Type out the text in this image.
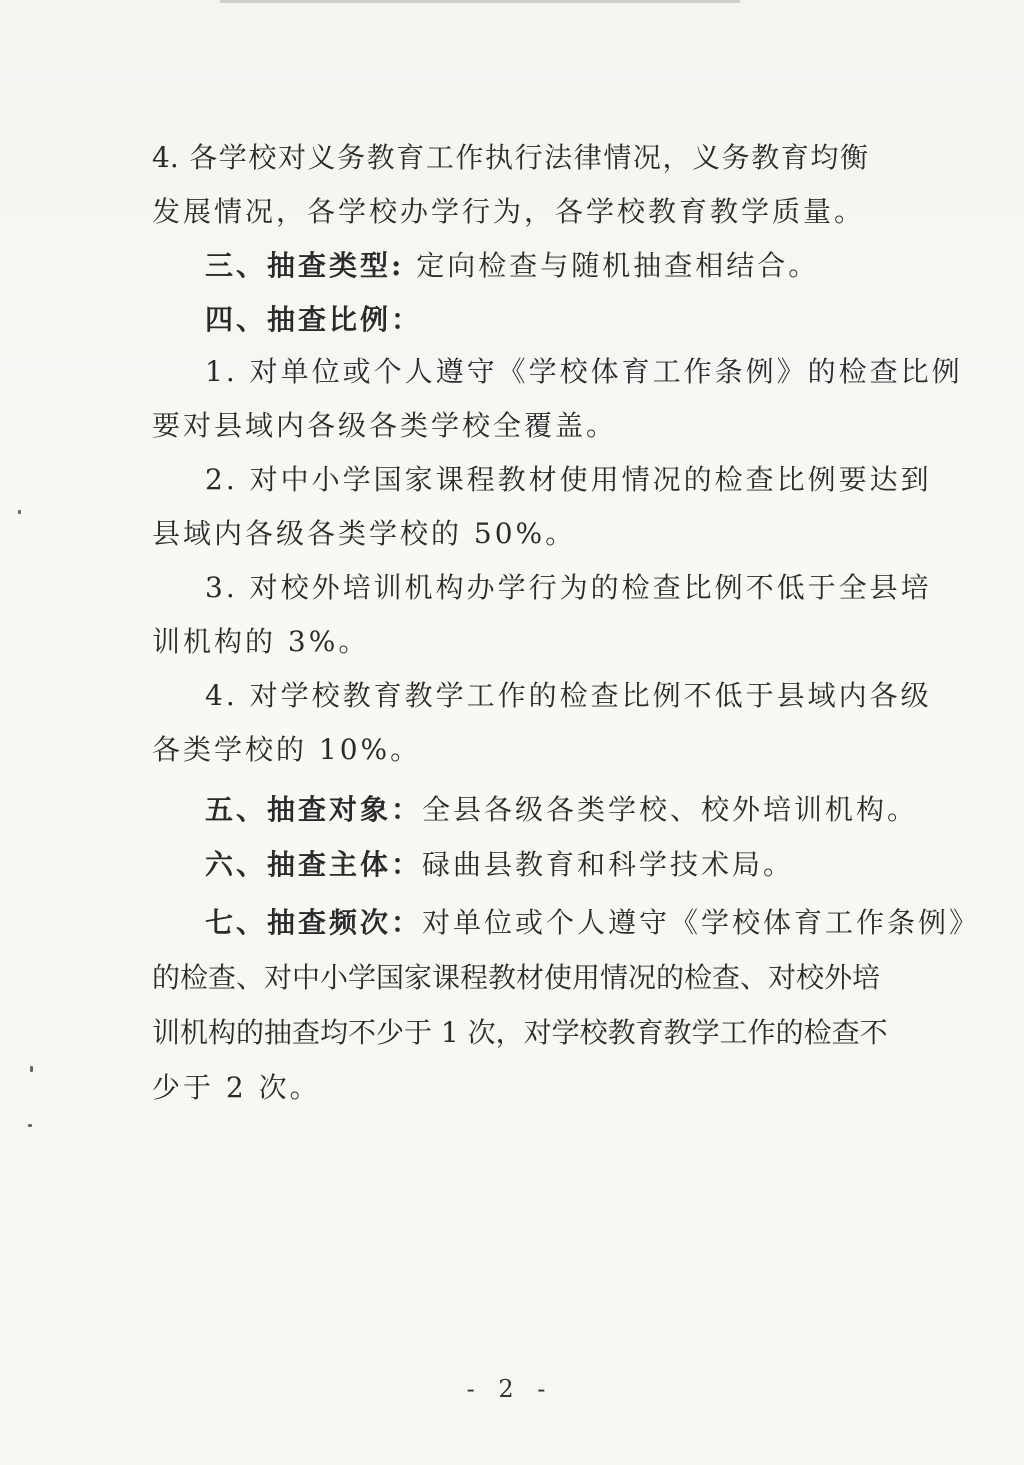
4. 各学校对义务教育工作执行法律情况，义务教育均衡
发展情况，各学校办学行为，各学校教育教学质量。
三、抽查类型: 定向检查与随机抽查相结合。
四、抽查比例：
1. 对单位或个人遵守《学校体育工作条例》的检查比例
要对县域内各级各类学校全覆盖。
2. 对中小学国家课程教材使用情况的检查比例要达到
县域内各级各类学校的 50%。
3. 对校外培训机构办学行为的检查比例不低于全县培
训机构的 3%。
4. 对学校教育教学工作的检查比例不低于县域内各级
各类学校的 10%。
五、抽查对象：全县各级各类学校、校外培训机构。
六、抽查主体：碌曲县教育和科学技术局。
七、抽查频次：对单位或个人遵守《学校体育工作条例》
的检查、对中小学国家课程教材使用情况的检查、对校外培
训机构的抽查均不少于 1 次，对学校教育教学工作的检查不
少于 2 次。
- 2 -
